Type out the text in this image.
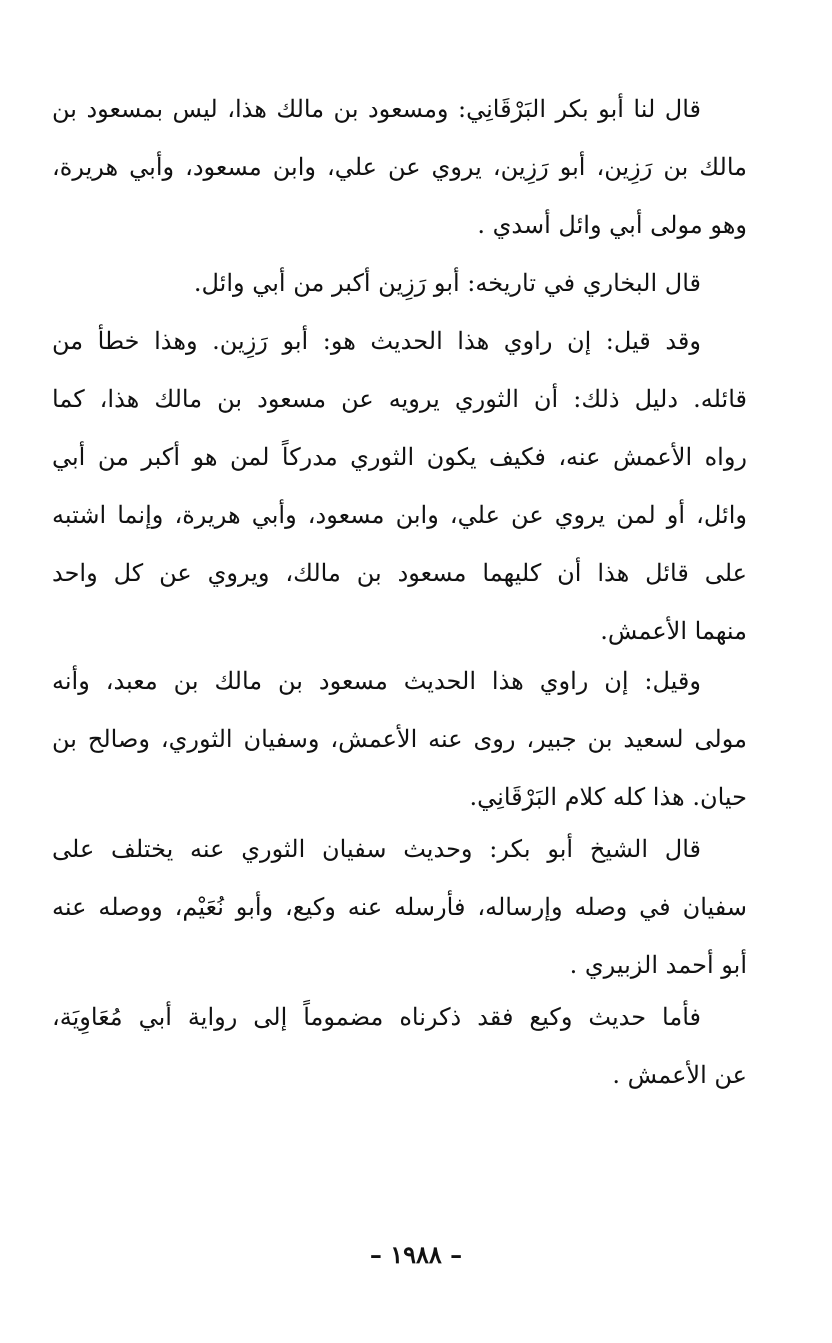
قال لنا أبو بكر البَرْقَانِي: ومسعود بن مالك هذا، ليس بمسعود بن
مالك بن رَزِين، أبو رَزِين، يروي عن علي، وابن مسعود، وأبي هريرة،
وهو مولى أبي وائل أسدي .
قال البخاري في تاريخه: أبو رَزِين أكبر من أبي وائل.
وقد قيل: إن راوي هذا الحديث هو: أبو رَزِين. وهذا خطأ من
قائله. دليل ذلك: أن الثوري يرويه عن مسعود بن مالك هذا، كما
رواه الأعمش عنه، فكيف يكون الثوري مدركاً لمن هو أكبر من أبي
وائل، أو لمن يروي عن علي، وابن مسعود، وأبي هريرة، وإنما اشتبه
على قائل هذا أن كليهما مسعود بن مالك، ويروي عن كل واحد
منهما الأعمش.
وقيل: إن راوي هذا الحديث مسعود بن مالك بن معبد، وأنه
مولى لسعيد بن جبير، روى عنه الأعمش، وسفيان الثوري، وصالح بن
حيان. هذا كله كلام البَرْقَانِي.
قال الشيخ أبو بكر: وحديث سفيان الثوري عنه يختلف على
سفيان في وصله وإرساله، فأرسله عنه وكيع، وأبو نُعَيْم، ووصله عنه
أبو أحمد الزبيري .
فأما حديث وكيع فقد ذكرناه مضموماً إلى رواية أبي مُعَاوِيَة،
عن الأعمش .
– ١٩٨٨ –
